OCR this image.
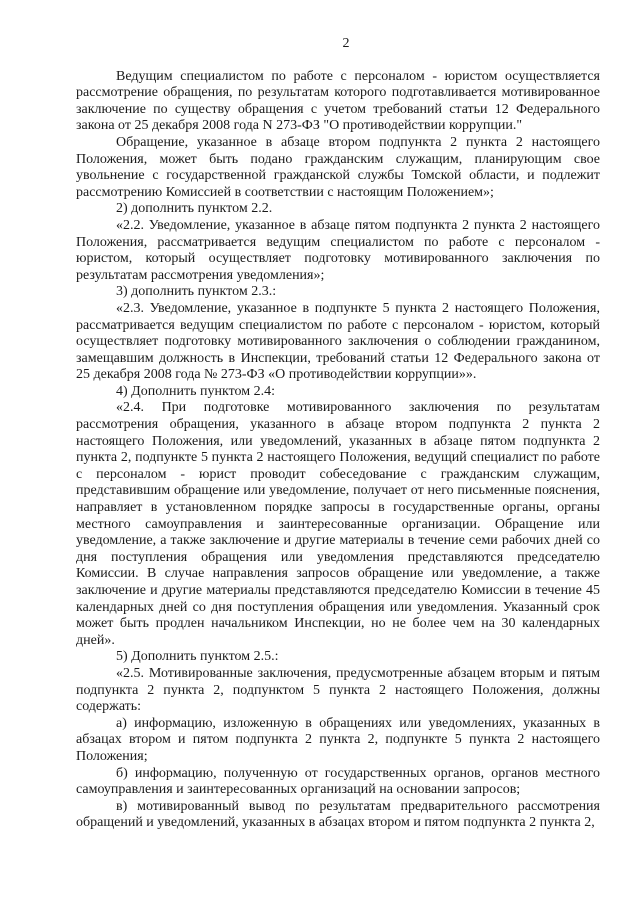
2

Ведущим специалистом по работе с персоналом - юристом осуществляется рассмотрение обращения, по результатам которого подготавливается мотивированное заключение по существу обращения с учетом требований статьи 12 Федерального закона от 25 декабря 2008 года N 273-ФЗ "О противодействии коррупции."

Обращение, указанное в абзаце втором подпункта 2 пункта 2 настоящего Положения, может быть подано гражданским служащим, планирующим свое увольнение с государственной гражданской службы Томской области, и подлежит рассмотрению Комиссией в соответствии с настоящим Положением»;

2) дополнить пунктом 2.2.

«2.2. Уведомление, указанное в абзаце пятом подпункта 2 пункта 2 настоящего Положения, рассматривается ведущим специалистом по работе с персоналом - юристом, который осуществляет подготовку мотивированного заключения по результатам рассмотрения уведомления»;

3) дополнить пунктом 2.3.:

«2.3. Уведомление, указанное в подпункте 5 пункта 2 настоящего Положения, рассматривается ведущим специалистом по работе с персоналом - юристом, который осуществляет подготовку мотивированного заключения о соблюдении гражданином, замещавшим должность в Инспекции, требований статьи 12 Федерального закона от 25 декабря 2008 года № 273-ФЗ «О противодействии коррупции»».

4) Дополнить пунктом 2.4:

«2.4. При подготовке мотивированного заключения по результатам рассмотрения обращения, указанного в абзаце втором подпункта 2 пункта 2 настоящего Положения, или уведомлений, указанных в абзаце пятом подпункта 2 пункта 2, подпункте 5 пункта 2 настоящего Положения, ведущий специалист по работе с персоналом - юрист проводит собеседование с гражданским служащим, представившим обращение или уведомление, получает от него письменные пояснения, направляет в установленном порядке запросы в государственные органы, органы местного самоуправления и заинтересованные организации. Обращение или уведомление, а также заключение и другие материалы в течение семи рабочих дней со дня поступления обращения или уведомления представляются председателю Комиссии. В случае направления запросов обращение или уведомление, а также заключение и другие материалы представляются председателю Комиссии в течение 45 календарных дней со дня поступления обращения или уведомления. Указанный срок может быть продлен начальником Инспекции, но не более чем на 30 календарных дней».

5) Дополнить пунктом 2.5.:

«2.5. Мотивированные заключения, предусмотренные абзацем вторым и пятым подпункта 2 пункта 2, подпунктом 5 пункта 2 настоящего Положения, должны содержать:

а) информацию, изложенную в обращениях или уведомлениях, указанных в абзацах втором и пятом подпункта 2 пункта 2, подпункте 5 пункта 2 настоящего Положения;

б) информацию, полученную от государственных органов, органов местного самоуправления и заинтересованных организаций на основании запросов;

в) мотивированный вывод по результатам предварительного рассмотрения обращений и уведомлений, указанных в абзацах втором и пятом подпункта 2 пункта 2,
